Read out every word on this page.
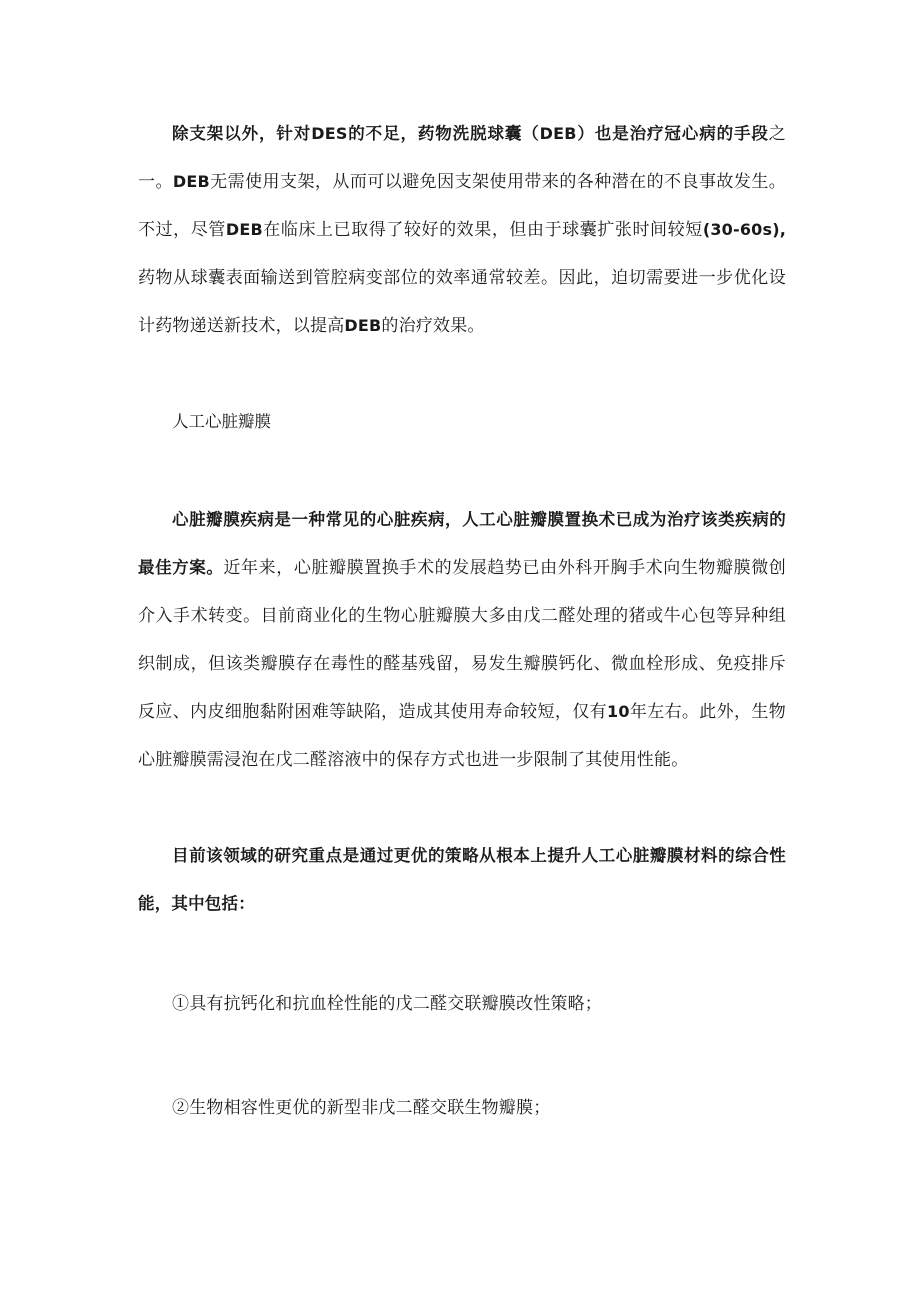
除支架以外，针对DES的不足，药物洗脱球囊（DEB）也是治疗冠心病的手段之一。DEB无需使用支架，从而可以避免因支架使用带来的各种潜在的不良事故发生。不过，尽管DEB在临床上已取得了较好的效果，但由于球囊扩张时间较短(30-60s),药物从球囊表面输送到管腔病变部位的效率通常较差。因此，迫切需要进一步优化设计药物递送新技术，以提高DEB的治疗效果。

人工心脏瓣膜

心脏瓣膜疾病是一种常见的心脏疾病，人工心脏瓣膜置换术已成为治疗该类疾病的最佳方案。近年来，心脏瓣膜置换手术的发展趋势已由外科开胸手术向生物瓣膜微创介入手术转变。目前商业化的生物心脏瓣膜大多由戊二醛处理的猪或牛心包等异种组织制成，但该类瓣膜存在毒性的醛基残留，易发生瓣膜钙化、微血栓形成、免疫排斥反应、内皮细胞黏附困难等缺陷，造成其使用寿命较短，仅有10年左右。此外，生物心脏瓣膜需浸泡在戊二醛溶液中的保存方式也进一步限制了其使用性能。

目前该领域的研究重点是通过更优的策略从根本上提升人工心脏瓣膜材料的综合性能，其中包括：

①具有抗钙化和抗血栓性能的戊二醛交联瓣膜改性策略；

②生物相容性更优的新型非戊二醛交联生物瓣膜；
